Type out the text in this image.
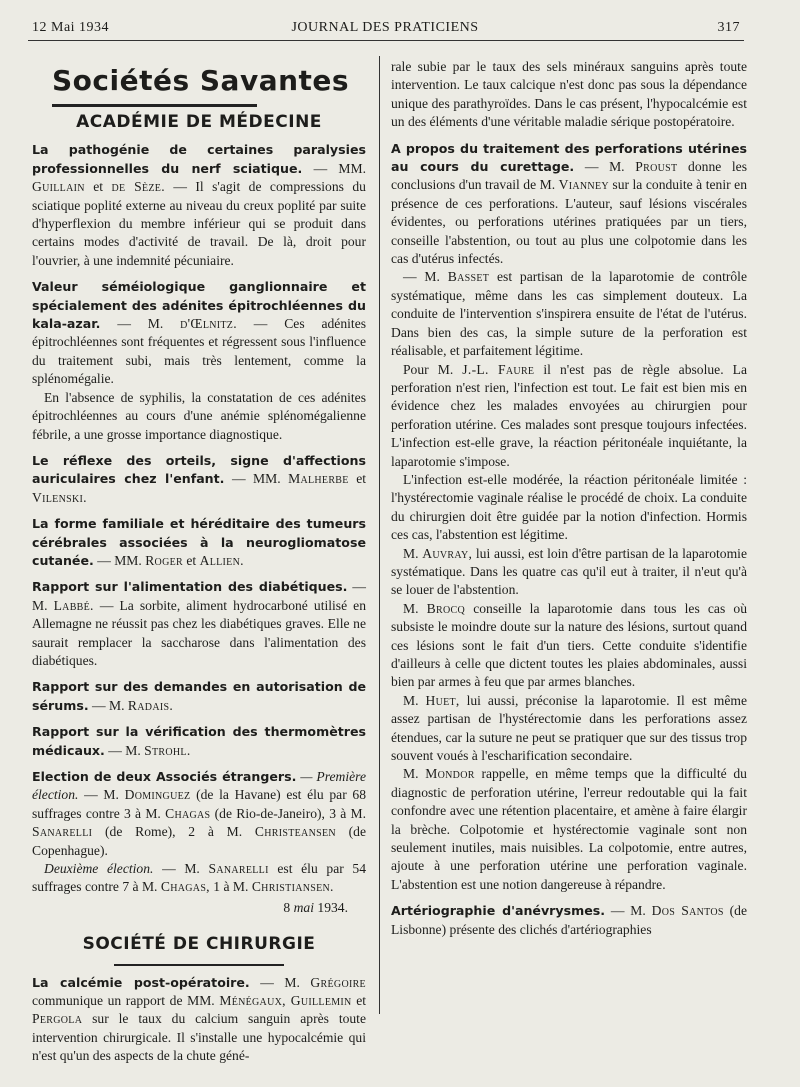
12 Mai 1934	JOURNAL DES PRATICIENS	317
Sociétés Savantes
ACADÉMIE DE MÉDECINE

La pathogénie de certaines paralysies professionnelles du nerf sciatique. — MM. Guillain et de Sèze. — Il s'agit de compressions du sciatique poplité externe au niveau du creux poplité par suite d'hyperflexion du membre inférieur qui se produit dans certains modes d'activité de travail. De là, droit pour l'ouvrier, à une indemnité pécuniaire.

Valeur séméiologique ganglionnaire et spécialement des adénites épitrochléennes du kala-azar. — M. d'Œlnitz. — Ces adénites épitrochléennes sont fréquentes et régressent sous l'influence du traitement subi, mais très lentement, comme la splénomégalie.

En l'absence de syphilis, la constatation de ces adénites épitrochléennes au cours d'une anémie splénomégalienne fébrile, a une grosse importance diagnostique.

Le réflexe des orteils, signe d'affections auriculaires chez l'enfant. — MM. Malherbe et Vilenski.

La forme familiale et héréditaire des tumeurs cérébrales associées à la neurogliomatose cutanée. — MM. Roger et Allien.

Rapport sur l'alimentation des diabétiques. — M. Labbé. — La sorbite, aliment hydrocarboné utilisé en Allemagne ne réussit pas chez les diabétiques graves. Elle ne saurait remplacer la saccharose dans l'alimentation des diabétiques.

Rapport sur des demandes en autorisation de sérums. — M. Radais.

Rapport sur la vérification des thermomètres médicaux. — M. Strohl.

Election de deux Associés étrangers. — Première élection. — M. Dominguez (de la Havane) est élu par 68 suffrages contre 3 à M. Chagas (de Rio-de-Janeiro), 3 à M. Sanarelli (de Rome), 2 à M. Christeansen (de Copenhague).

Deuxième élection. — M. Sanarelli est élu par 54 suffrages contre 7 à M. Chagas, 1 à M. Christiansen.

8 mai 1934.

SOCIÉTÉ DE CHIRURGIE

La calcémie post-opératoire. — M. Grégoire communique un rapport de MM. Ménégaux, Guillemin et Pergola sur le taux du calcium sanguin après toute intervention chirurgicale. Il s'installe une hypocalcémie qui n'est qu'un des aspects de la chute géné-

rale subie par le taux des sels minéraux sanguins après toute intervention. Le taux calcique n'est donc pas sous la dépendance unique des parathyroïdes. Dans le cas présent, l'hypocalcémie est un des éléments d'une véritable maladie sérique postopératoire.

A propos du traitement des perforations utérines au cours du curettage. — M. Proust donne les conclusions d'un travail de M. Vianney sur la conduite à tenir en présence de ces perforations. L'auteur, sauf lésions viscérales évidentes, ou perforations utérines pratiquées par un tiers, conseille l'abstention, ou tout au plus une colpotomie dans les cas d'utérus infectés.

— M. Basset est partisan de la laparotomie de contrôle systématique, même dans les cas simplement douteux. La conduite de l'intervention s'inspirera ensuite de l'état de l'utérus. Dans bien des cas, la simple suture de la perforation est réalisable, et parfaitement légitime.

Pour M. J.-L. Faure il n'est pas de règle absolue. La perforation n'est rien, l'infection est tout. Le fait est bien mis en évidence chez les malades envoyées au chirurgien pour perforation utérine. Ces malades sont presque toujours infectées. L'infection est-elle grave, la réaction péritonéale inquiétante, la laparotomie s'impose.

L'infection est-elle modérée, la réaction péritonéale limitée : l'hystérectomie vaginale réalise le procédé de choix. La conduite du chirurgien doit être guidée par la notion d'infection. Hormis ces cas, l'abstention est légitime.

M. Auvray, lui aussi, est loin d'être partisan de la laparotomie systématique. Dans les quatre cas qu'il eut à traiter, il n'eut qu'à se louer de l'abstention.

M. Brocq conseille la laparotomie dans tous les cas où subsiste le moindre doute sur la nature des lésions, surtout quand ces lésions sont le fait d'un tiers. Cette conduite s'identifie d'ailleurs à celle que dictent toutes les plaies abdominales, aussi bien par armes à feu que par armes blanches.

M. Huet, lui aussi, préconise la laparotomie. Il est même assez partisan de l'hystérectomie dans les perforations assez étendues, car la suture ne peut se pratiquer que sur des tissus trop souvent voués à l'escharification secondaire.

M. Mondor rappelle, en même temps que la difficulté du diagnostic de perforation utérine, l'erreur redoutable qui la fait confondre avec une rétention placentaire, et amène à faire élargir la brèche. Colpotomie et hystérectomie vaginale sont non seulement inutiles, mais nuisibles. La colpotomie, entre autres, ajoute à une perforation utérine une perforation vaginale. L'abstention est une notion dangereuse à répandre.

Artériographie d'anévrysmes. — M. Dos Santos (de Lisbonne) présente des clichés d'artériographies
